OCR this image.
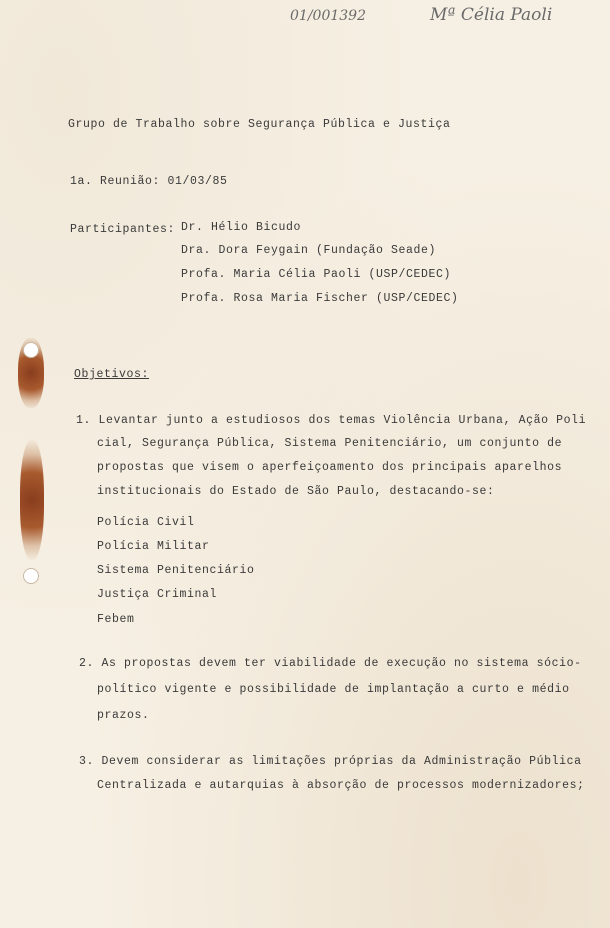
01/001392	Mª Célia Paoli
Grupo de Trabalho sobre Segurança Pública e Justiça
1a. Reunião: 01/03/85
Participantes: Dr. Hélio Bicudo
Dra. Dora Feygain (Fundação Seade)
Profa. Maria Célia Paoli (USP/CEDEC)
Profa. Rosa Maria Fischer (USP/CEDEC)
Objetivos:
1. Levantar junto a estudiosos dos temas Violência Urbana, Ação Poli
cial, Segurança Pública, Sistema Penitenciário, um conjunto de
propostas que visem o aperfeiçoamento dos principais aparelhos
institucionais do Estado de São Paulo, destacando-se:
Polícia Civil
Polícia Militar
Sistema Penitenciário
Justiça Criminal
Febem
2. As propostas devem ter viabilidade de execução no sistema sócio-
político vigente e possibilidade de implantação a curto e médio
prazos.
3. Devem considerar as limitações próprias da Administração Pública
Centralizada e autarquias à absorção de processos modernizadores;
